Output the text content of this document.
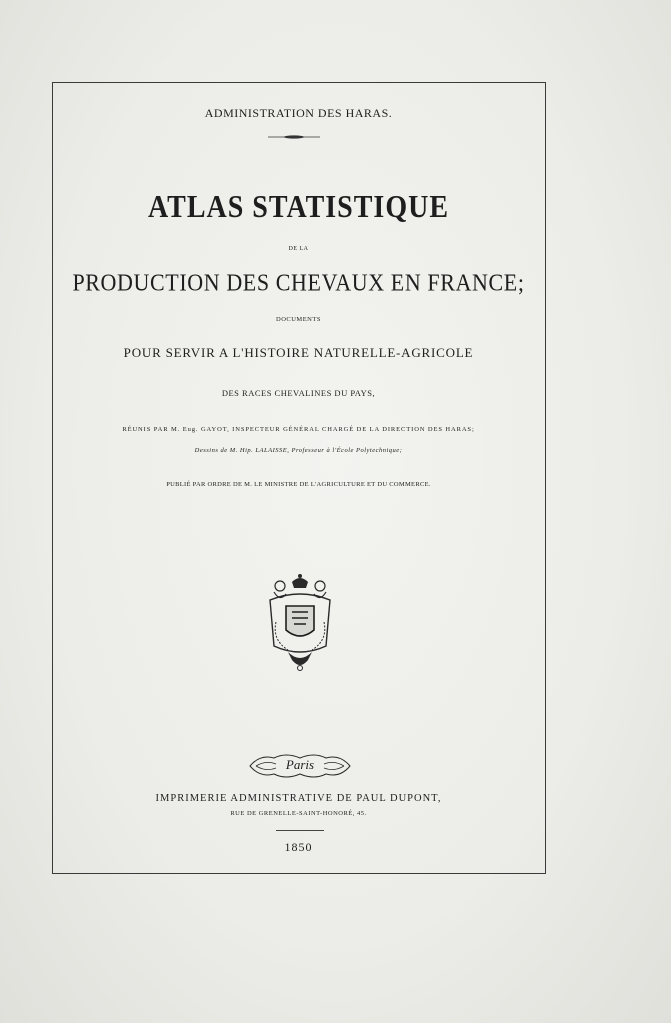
ADMINISTRATION DES HARAS.
ATLAS STATISTIQUE
DE LA
PRODUCTION DES CHEVAUX EN FRANCE;
DOCUMENTS
POUR SERVIR A L'HISTOIRE NATURELLE-AGRICOLE
DES RACES CHEVALINES DU PAYS,
RÉUNIS PAR M. Eug. GAYOT, INSPECTEUR GÉNÉRAL CHARGÉ DE LA DIRECTION DES HARAS;
Dessins de M. Hip. LALAISSE, Professeur à l'École Polytechnique;
PUBLIÉ PAR ORDRE DE M. LE MINISTRE DE L'AGRICULTURE ET DU COMMERCE.
Paris
IMPRIMERIE ADMINISTRATIVE DE PAUL DUPONT,
RUE DE GRENELLE-SAINT-HONORÉ, 45.
1850
